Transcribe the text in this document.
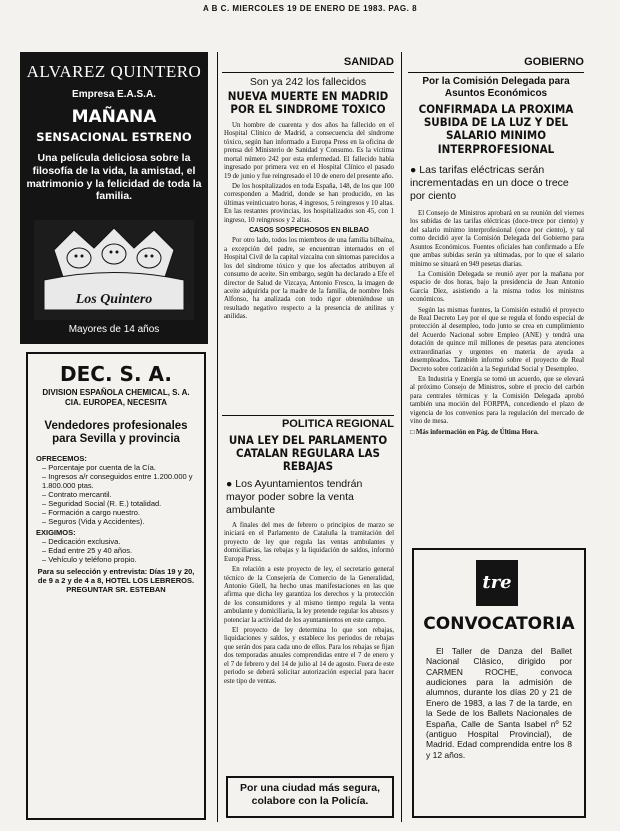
A B C. MIERCOLES 19 DE ENERO DE 1983. PAG. 8
ALVAREZ QUINTERO
Empresa E.A.S.A.
MAÑANA
SENSACIONAL ESTRENO
Una película deliciosa sobre la filosofía de la vida, la amistad, el matrimonio y la felicidad de toda la familia.
Los Quintero
Mayores de 14 años
DEC. S. A.
DIVISION ESPAÑOLA CHEMICAL, S. A. CIA. EUROPEA, NECESITA
Vendedores profesionales para Sevilla y provincia
OFRECEMOS:
– Porcentaje por cuenta de la Cía.
– Ingresos a/r conseguidos entre 1.200.000 y 1.800.000 ptas.
– Contrato mercantil.
– Seguridad Social (R. E.) totalidad.
– Formación a cargo nuestro.
– Seguros (Vida y Accidentes).
EXIGIMOS:
– Dedicación exclusiva.
– Edad entre 25 y 40 años.
– Vehículo y teléfono propio.
Para su selección y entrevista: Días 19 y 20, de 9 a 2 y de 4 a 8, HOTEL LOS LEBREROS. PREGUNTAR SR. ESTEBAN
SANIDAD
Son ya 242 los fallecidos
NUEVA MUERTE EN MADRID POR EL SINDROME TOXICO

Un hombre de cuarenta y dos años ha fallecido en el Hospital Clínico de Madrid, a consecuencia del síndrome tóxico, según han informado a Europa Press en la oficina de prensa del Ministerio de Sanidad y Consumo. Es la víctima mortal número 242 por esta enfermedad. El fallecido había ingresado por primera vez en el Hospital Clínico el pasado 19 de junio y fue reingresado el 10 de enero del presente año.

De los hospitalizados en toda España, 148, de los que 100 corresponden a Madrid, donde se han producido, en las últimas veinticuatro horas, 4 ingresos, 5 reingresos y 10 altas. En las restantes provincias, los hospitalizados son 45, con 1 ingreso, 10 reingresos y 2 altas.

CASOS SOSPECHOSOS EN BILBAO

Por otro lado, todos los miembros de una familia bilbaína, a excepción del padre, se encuentran internados en el Hospital Civil de la capital vizcaína con síntomas parecidos a los del síndrome tóxico y que los afectados atribuyen al consumo de aceite. Sin embargo, según ha declarado a Efe el director de Salud de Vizcaya, Antonio Fresco, la imagen de aceite adquirida por la madre de la familia, de nombre Inés Alfonso, ha analizada con todo rigor obteniéndose un resultado negativo respecto a la presencia de anilinas y anilidas.

POLITICA REGIONAL
UNA LEY DEL PARLAMENTO CATALAN REGULARA LAS REBAJAS
● Los Ayuntamientos tendrán mayor poder sobre la venta ambulante

A finales del mes de febrero o principios de marzo se iniciará en el Parlamento de Cataluña la tramitación del proyecto de ley que regula las ventas ambulantes y domiciliarias, las rebajas y la liquidación de saldos, informó Europa Press.

En relación a este proyecto de ley, el secretario general técnico de la Consejería de Comercio de la Generalidad, Antonio Güell, ha hecho unas manifestaciones en las que afirma que dicha ley garantiza los derechos y la protección de los consumidores y al mismo tiempo regula la venta ambulante y domiciliaria, la ley pretende regular los abusos y potenciar la actividad de los ayuntamientos en este campo.

El proyecto de ley determina lo que son rebajas, liquidaciones y saldos, y establece los periodos de rebajas que serán dos para cada uno de ellos. Para los rebajas se fijan dos temporadas anuales comprendidas entre el 7 de enero y el 7 de febrero y del 14 de julio al 14 de agosto. Fuera de este periodo se deberá solicitar autorización especial para hacer este tipo de ventas.

Por una ciudad más segura, colabore con la Policía.
GOBIERNO
Por la Comisión Delegada para Asuntos Económicos
CONFIRMADA LA PROXIMA SUBIDA DE LA LUZ Y DEL SALARIO MINIMO INTERPROFESIONAL
● Las tarifas eléctricas serán incrementadas en un doce o trece por ciento

El Consejo de Ministros aprobará en su reunión del viernes los subidas de las tarifas eléctricas (doce-trece por ciento) y del salario mínimo interprofesional (once por ciento), y tal como decidió ayer la Comisión Delegada del Gobierno para Asuntos Económicos. Fuentes oficiales han confirmado a Efe que ambas subidas serán ya ultimadas, por lo que el salario mínimo se situará en 949 pesetas diarias.

La Comisión Delegada se reunió ayer por la mañana por espacio de dos horas, bajo la presidencia de Juan Antonio García Díez, asistiendo a la misma todos los ministros económicos.

Según las mismas fuentes, la Comisión estudió el proyecto de Real Decreto Ley por el que se regula el fondo especial de protección al desempleo, todo junto se crea en cumplimiento del Acuerdo Nacional sobre Empleo (ANE) y tendrá una dotación de quince mil millones de pesetas para atenciones extraordinarias y urgentes en materia de ayuda a desempleados. También informó sobre el proyecto de Real Decreto sobre cotización a la Seguridad Social y Desempleo.

En Industria y Energía se tomó un acuerdo, que se elevará al próximo Consejo de Ministros, sobre el precio del carbón para centrales térmicas y la Comisión Delegada aprobó también una moción del FORPPA, concediendo el plazo de vigencia de los convenios para la regulación del mercado de vino de mesa.

□ Más información en Pág. de Última Hora.

tre
CONVOCATORIA
El Taller de Danza del Ballet Nacional Clásico, dirigido por CARMEN ROCHE, convoca audiciones para la admisión de alumnos, durante los días 20 y 21 de Enero de 1983, a las 7 de la tarde, en la Sede de los Ballets Nacionales de España, Calle de Santa Isabel nº 52 (antiguo Hospital Provincial), de Madrid. Edad comprendida entre los 8 y 12 años.
